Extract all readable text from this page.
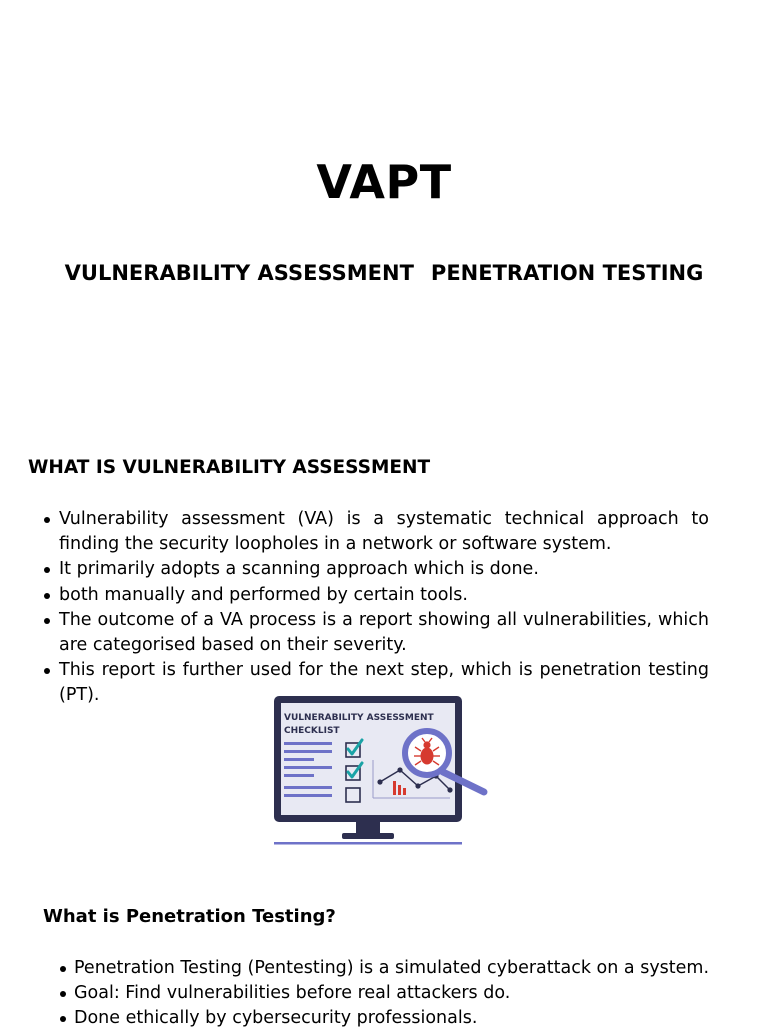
VAPT
VULNERABILITY ASSESSMENT PENETRATION TESTING
WHAT IS VULNERABILITY ASSESSMENT
Vulnerability assessment (VA) is a systematic technical approach to finding the security loopholes in a network or software system.
It primarily adopts a scanning approach which is done.
both manually and performed by certain tools.
The outcome of a VA process is a report showing all vulnerabilities, which are categorised based on their severity.
This report is further used for the next step, which is penetration testing (PT).
VULNERABILITY ASSESSMENT
CHECKLIST
What is Penetration Testing?
Penetration Testing (Pentesting) is a simulated cyberattack on a system.
Goal: Find vulnerabilities before real attackers do.
Done ethically by cybersecurity professionals.
